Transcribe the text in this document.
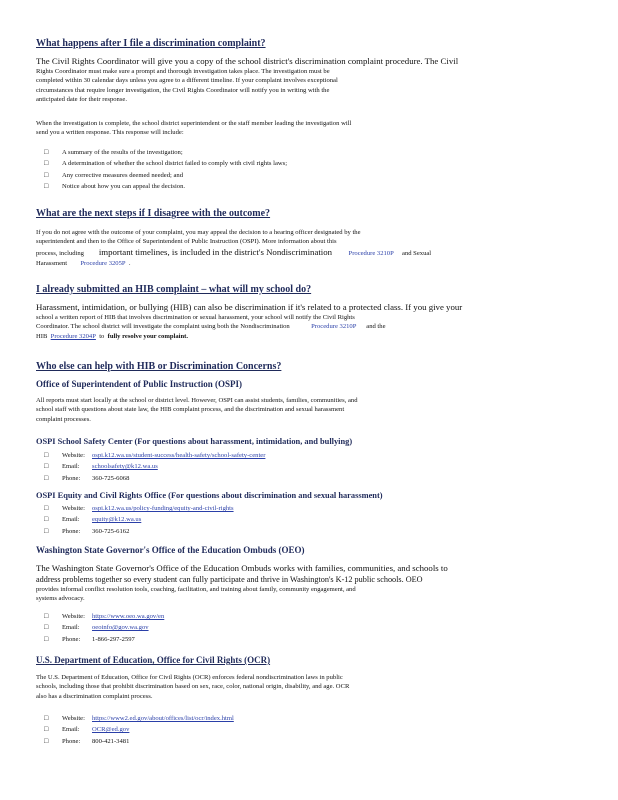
What happens after I file a discrimination complaint?
The Civil Rights Coordinator will give you a copy of the school district's discrimination complaint procedure. The Civil
Rights Coordinator must make sure a prompt and thorough investigation takes place. The investigation must be
completed within 30 calendar days unless you agree to a different timeline. If your complaint involves exceptional
circumstances that require longer investigation, the Civil Rights Coordinator will notify you in writing with the
anticipated date for their response.
When the investigation is complete, the school district superintendent or the staff member leading the investigation will
send you a written response. This response will include:
□	A summary of the results of the investigation;
□	A determination of whether the school district failed to comply with civil rights laws;
□	Any corrective measures deemed needed; and
□	Notice about how you can appeal the decision.
What are the next steps if I disagree with the outcome?
If you do not agree with the outcome of your complaint, you may appeal the decision to a hearing officer designated by the
superintendent and then to the Office of Superintendent of Public Instruction (OSPI). More information about this
process, including important timelines, is included in the district's Nondiscrimination Procedure 3210P and Sexual
Harassment Procedure 3205P .
I already submitted an HIB complaint – what will my school do?
Harassment, intimidation, or bullying (HIB) can also be discrimination if it's related to a protected class. If you give your
school a written report of HIB that involves discrimination or sexual harassment, your school will notify the Civil Rights
Coordinator. The school district will investigate the complaint using both the Nondiscrimination	Procedure 3210P and the
HIB Procedure 3204P to fully resolve your complaint.
Who else can help with HIB or Discrimination Concerns?
Office of Superintendent of Public Instruction (OSPI)
All reports must start locally at the school or district level. However, OSPI can assist students, families, communities, and
school staff with questions about state law, the HIB complaint process, and the discrimination and sexual harassment
complaint processes.
OSPI School Safety Center (For questions about harassment, intimidation, and bullying)
□	Website:	ospi.k12.wa.us/student-success/health-safety/school-safety-center
□	Email:	schoolsafety@k12.wa.us
□	Phone:	360-725-6068
OSPI Equity and Civil Rights Office (For questions about discrimination and sexual harassment)
□	Website:	ospi.k12.wa.us/policy-funding/equity-and-civil-rights
□	Email:	equity@k12.wa.us
□	Phone:	360-725-6162
Washington State Governor's Office of the Education Ombuds (OEO)
The Washington State Governor's Office of the Education Ombuds works with families, communities, and schools to
address problems together so every student can fully participate and thrive in Washington's K-12 public schools. OEO
provides informal conflict resolution tools, coaching, facilitation, and training about family, community engagement, and
systems advocacy.
□	Website:	https://www.oeo.wa.gov/en
□	Email:	oeoinfo@gov.wa.gov
□	Phone:	1-866-297-2597
U.S. Department of Education, Office for Civil Rights (OCR)
The U.S. Department of Education, Office for Civil Rights (OCR) enforces federal nondiscrimination laws in public
schools, including those that prohibit discrimination based on sex, race, color, national origin, disability, and age. OCR
also has a discrimination complaint process.
□	Website:	https://www2.ed.gov/about/offices/list/ocr/index.html
□	Email:	OCR@ed.gov
□	Phone:	800-421-3481
